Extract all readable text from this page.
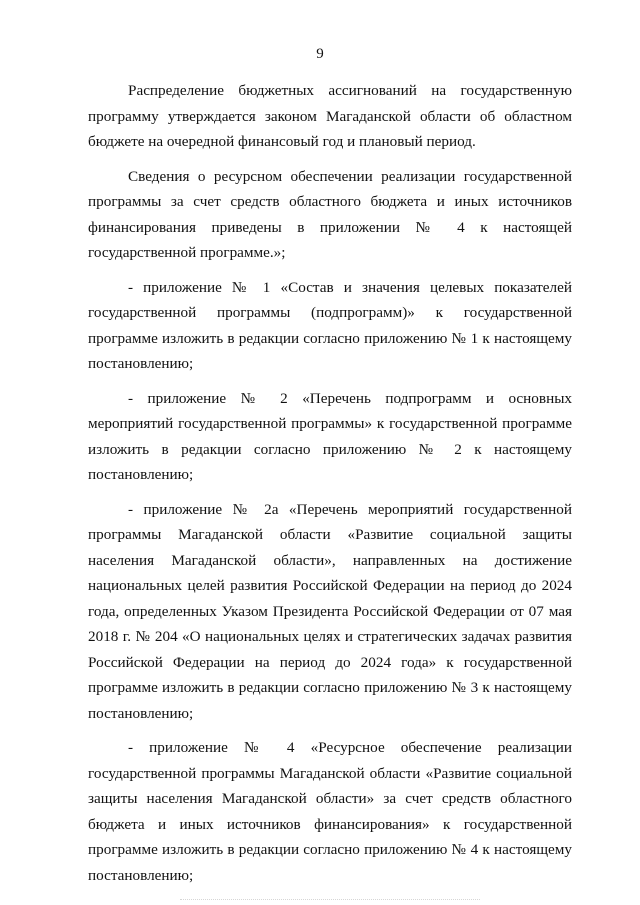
9

Распределение бюджетных ассигнований на государственную программу утверждается законом Магаданской области об областном бюджете на очередной финансовый год и плановый период.

Сведения о ресурсном обеспечении реализации государственной программы за счет средств областного бюджета и иных источников финансирования приведены в приложении № 4 к настоящей государственной программе.»;

- приложение № 1 «Состав и значения целевых показателей государственной программы (подпрограмм)» к государственной программе изложить в редакции согласно приложению № 1 к настоящему постановлению;

- приложение № 2 «Перечень подпрограмм и основных мероприятий государственной программы» к государственной программе изложить в редакции согласно приложению № 2 к настоящему постановлению;

- приложение № 2а «Перечень мероприятий государственной программы Магаданской области «Развитие социальной защиты населения Магаданской области», направленных на достижение национальных целей развития Российской Федерации на период до 2024 года, определенных Указом Президента Российской Федерации от 07 мая 2018 г. № 204 «О национальных целях и стратегических задачах развития Российской Федерации на период до 2024 года» к государственной программе изложить в редакции согласно приложению № 3 к настоящему постановлению;

- приложение № 4 «Ресурсное обеспечение реализации государственной программы Магаданской области «Развитие социальной защиты населения Магаданской области» за счет средств областного бюджета и иных источников финансирования» к государственной программе изложить в редакции согласно приложению № 4 к настоящему постановлению;
